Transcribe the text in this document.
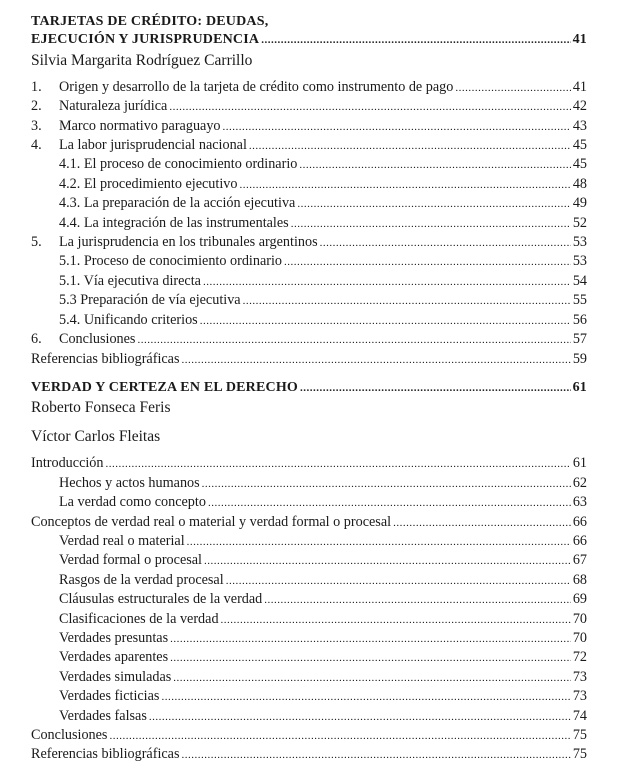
TARJETAS DE CRÉDITO: DEUDAS,
EJECUCIÓN Y JURISPRUDENCIA .....	41
Silvia Margarita Rodríguez Carrillo
1.	Origen y desarrollo de la tarjeta de crédito como instrumento de pago .....	41
2.	Naturaleza jurídica .....	42
3.	Marco normativo paraguayo .....	43
4.	La labor jurisprudencial nacional .....	45
4.1. El proceso de conocimiento ordinario .....	45
4.2. El procedimiento ejecutivo .....	48
4.3. La preparación de la acción ejecutiva .....	49
4.4. La integración de las instrumentales .....	52
5.	La jurisprudencia en los tribunales argentinos .....	53
5.1. Proceso de conocimiento ordinario .....	53
5.1. Vía ejecutiva directa .....	54
5.3 Preparación de vía ejecutiva .....	55
5.4. Unificando criterios .....	56
6.	Conclusiones .....	57
Referencias bibliográficas .....	59
VERDAD Y CERTEZA EN EL DERECHO .....	61
Roberto Fonseca Feris
Víctor Carlos Fleitas
Introducción .....	61
Hechos y actos humanos .....	62
La verdad como concepto .....	63
Conceptos de verdad real o material y verdad formal o procesal .....	66
Verdad real o material .....	66
Verdad formal o procesal .....	67
Rasgos de la verdad procesal .....	68
Cláusulas estructurales de la verdad .....	69
Clasificaciones de la verdad .....	70
Verdades presuntas .....	70
Verdades aparentes .....	72
Verdades simuladas .....	73
Verdades ficticias .....	73
Verdades falsas .....	74
Conclusiones .....	75
Referencias bibliográficas .....	75
